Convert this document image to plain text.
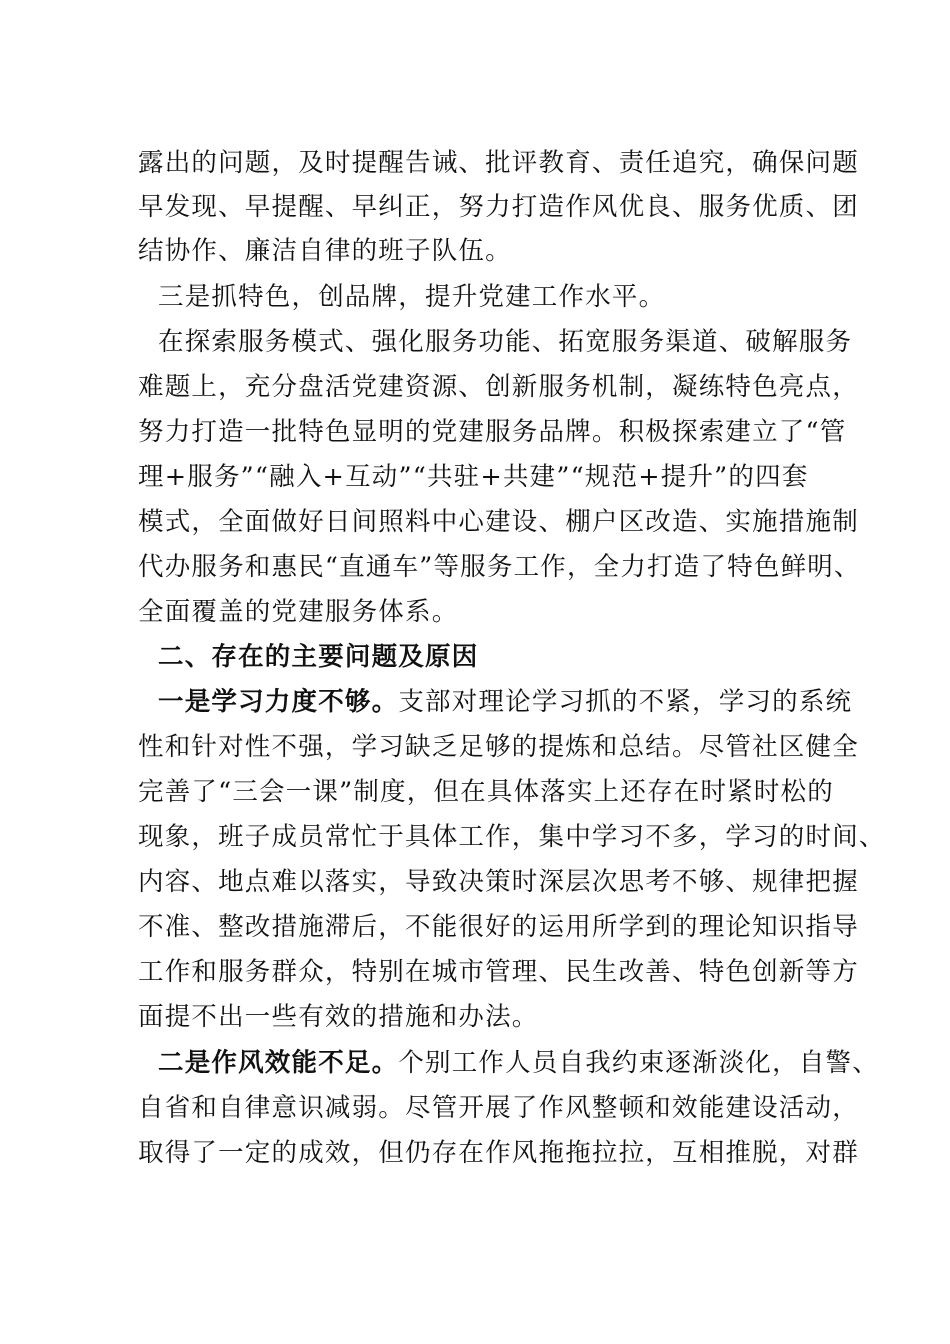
露出的问题，及时提醒告诫、批评教育、责任追究，确保问题
早发现、早提醒、早纠正，努力打造作风优良、服务优质、团
结协作、廉洁自律的班子队伍。
三是抓特色，创品牌，提升党建工作水平。
在探索服务模式、强化服务功能、拓宽服务渠道、破解服务
难题上，充分盘活党建资源、创新服务机制，凝练特色亮点，
努力打造一批特色显明的党建服务品牌。积极探索建立了“管
理+服务”“融入+互动”“共驻+共建”“规范+提升”的四套
模式，全面做好日间照料中心建设、棚户区改造、实施措施制
代办服务和惠民“直通车”等服务工作，全力打造了特色鲜明、
全面覆盖的党建服务体系。
二、存在的主要问题及原因
一是学习力度不够。支部对理论学习抓的不紧，学习的系统
性和针对性不强，学习缺乏足够的提炼和总结。尽管社区健全
完善了“三会一课”制度，但在具体落实上还存在时紧时松的
现象，班子成员常忙于具体工作，集中学习不多，学习的时间、
内容、地点难以落实，导致决策时深层次思考不够、规律把握
不准、整改措施滞后，不能很好的运用所学到的理论知识指导
工作和服务群众，特别在城市管理、民生改善、特色创新等方
面提不出一些有效的措施和办法。
二是作风效能不足。个别工作人员自我约束逐渐淡化，自警、
自省和自律意识减弱。尽管开展了作风整顿和效能建设活动，
取得了一定的成效，但仍存在作风拖拖拉拉，互相推脱，对群
